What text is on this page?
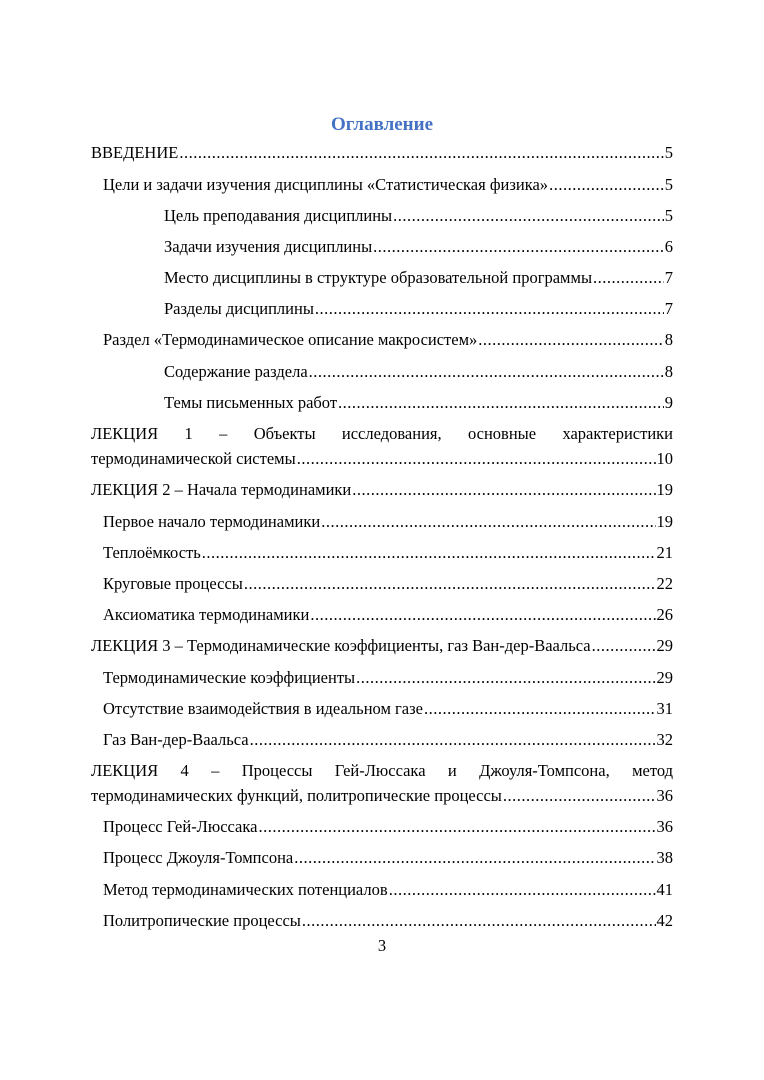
Оглавление
ВВЕДЕНИЕ .....	5
Цели и задачи изучения дисциплины «Статистическая физика» .....	5
Цель преподавания дисциплины .....	5
Задачи изучения дисциплины .....	6
Место дисциплины в структуре образовательной программы .....	7
Разделы дисциплины .....	7
Раздел «Термодинамическое описание макросистем» .....	8
Содержание раздела .....	8
Темы письменных работ .....	9
ЛЕКЦИЯ 1 – Объекты исследования, основные характеристики
термодинамической системы .....	10
ЛЕКЦИЯ 2 – Начала термодинамики .....	19
Первое начало термодинамики .....	19
Теплоёмкость .....	21
Круговые процессы .....	22
Аксиоматика термодинамики .....	26
ЛЕКЦИЯ 3 – Термодинамические коэффициенты, газ Ван-дер-Ваальса .....	29
Термодинамические коэффициенты .....	29
Отсутствие взаимодействия в идеальном газе .....	31
Газ Ван-дер-Ваальса .....	32
ЛЕКЦИЯ 4 – Процессы Гей-Люссака и Джоуля-Томпсона, метод
термодинамических функций, политропические процессы .....	36
Процесс Гей-Люссака .....	36
Процесс Джоуля-Томпсона .....	38
Метод термодинамических потенциалов .....	41
Политропические процессы .....	42
3
